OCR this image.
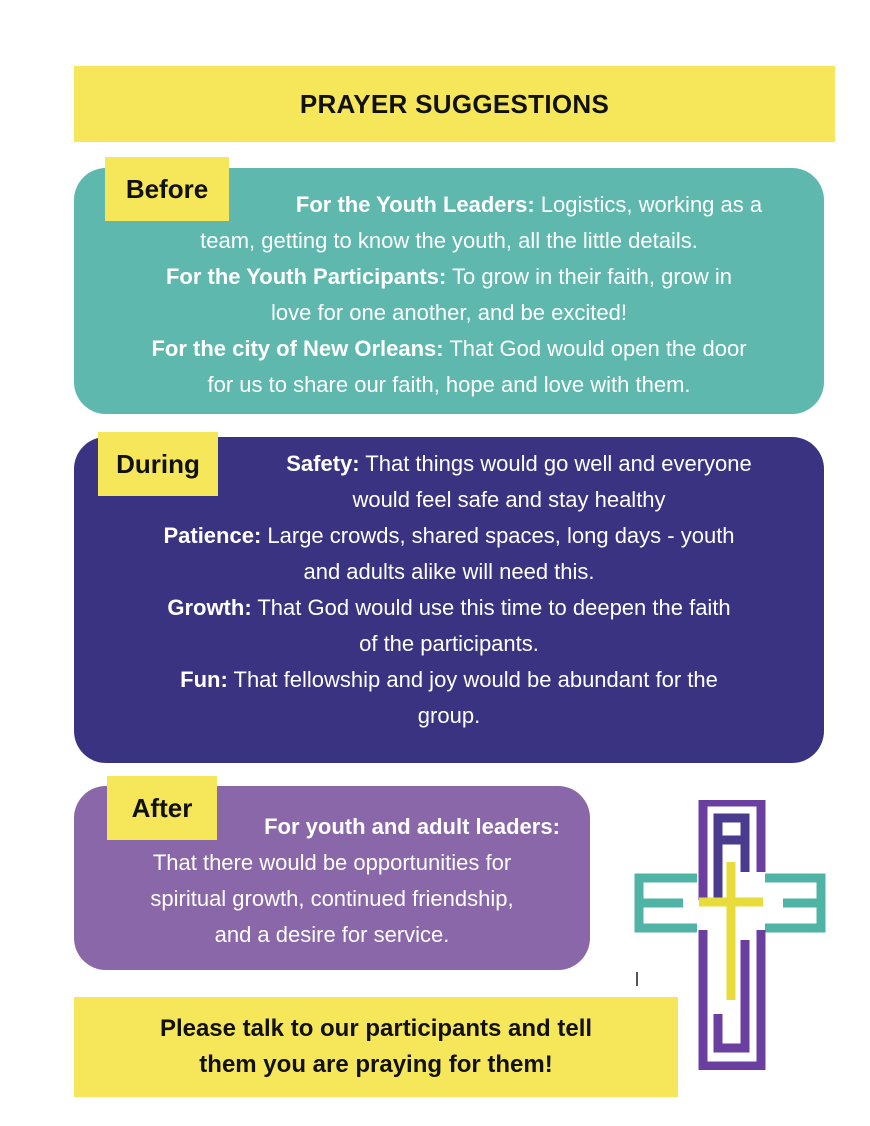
PRAYER SUGGESTIONS
For the Youth Leaders: Logistics, working as a
team, getting to know the youth, all the little details.
For the Youth Participants: To grow in their faith, grow in
love for one another, and be excited!
For the city of New Orleans: That God would open the door
for us to share our faith, hope and love with them.
Before
Safety: That things would go well and everyone
would feel safe and stay healthy
Patience: Large crowds, shared spaces, long days - youth
and adults alike will need this.
Growth: That God would use this time to deepen the faith
of the participants.
Fun: That fellowship and joy would be abundant for the
group.
During
For youth and adult leaders:
That there would be opportunities for
spiritual growth, continued friendship,
and a desire for service.
After
Please talk to our participants and tell
them you are praying for them!
